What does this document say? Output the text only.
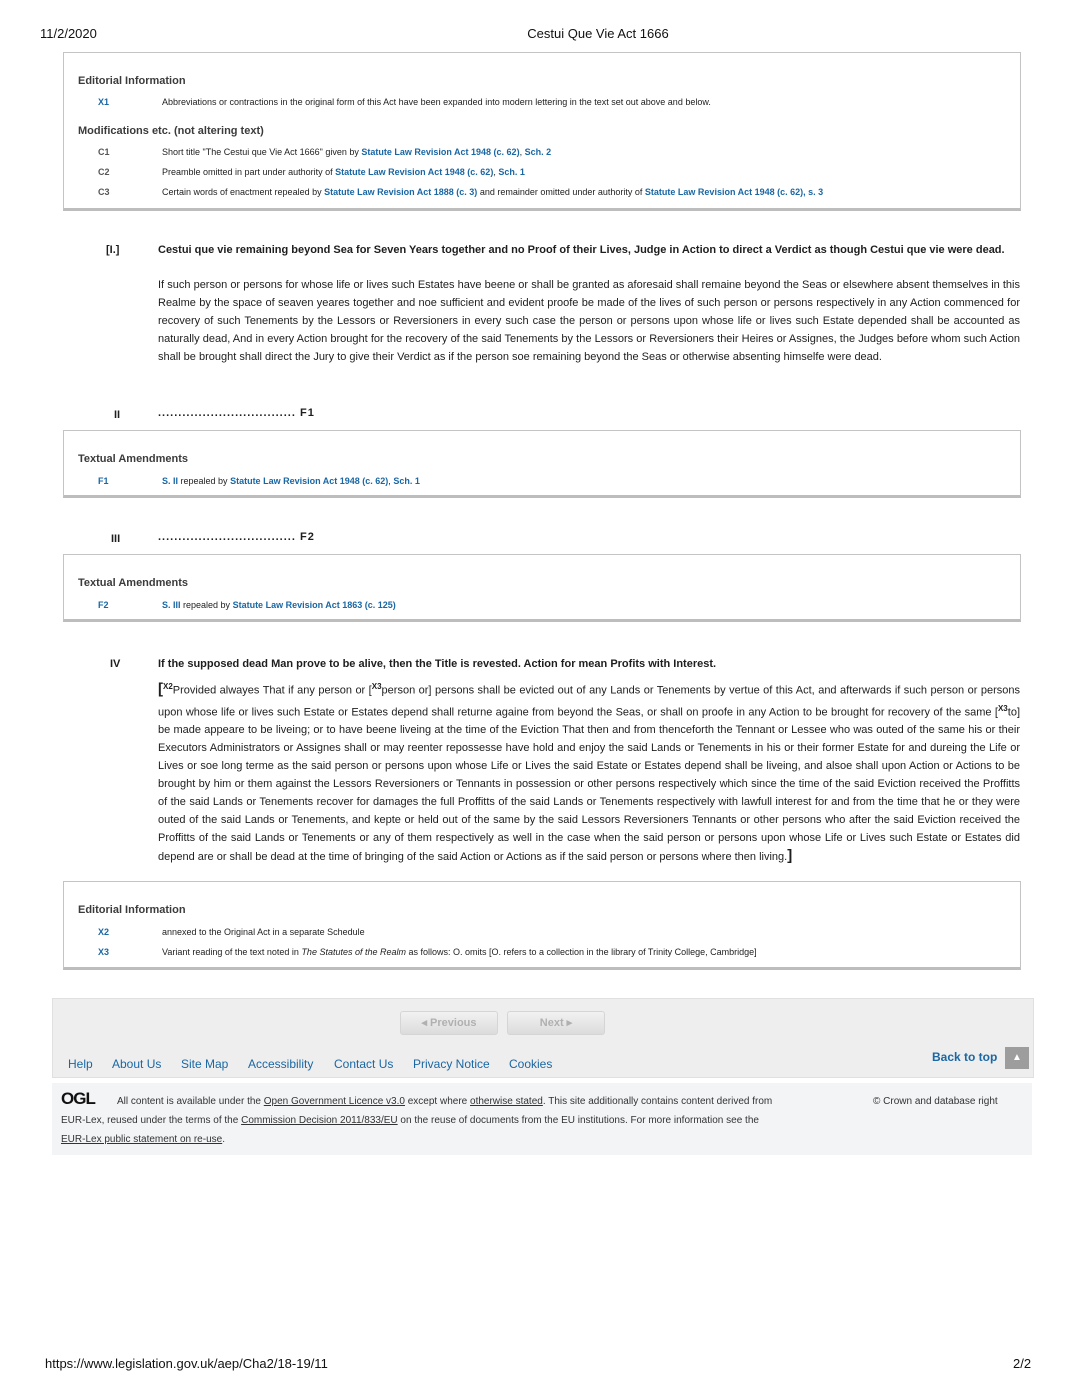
11/2/2020	Cestui Que Vie Act 1666
Editorial Information
X1	Abbreviations or contractions in the original form of this Act have been expanded into modern lettering in the text set out above and below.
Modifications etc. (not altering text)
C1	Short title "The Cestui que Vie Act 1666" given by Statute Law Revision Act 1948 (c. 62), Sch. 2
C2	Preamble omitted in part under authority of Statute Law Revision Act 1948 (c. 62), Sch. 1
C3	Certain words of enactment repealed by Statute Law Revision Act 1888 (c. 3) and remainder omitted under authority of Statute Law Revision Act 1948 (c. 62), s. 3
[I.]	Cestui que vie remaining beyond Sea for Seven Years together and no Proof of their Lives, Judge in Action to direct a Verdict as though Cestui que vie were dead.
If such person or persons for whose life or lives such Estates have beene or shall be granted as aforesaid shall remaine beyond the Seas or elsewhere absent themselves in this Realme by the space of seaven yeares together and noe sufficient and evident proofe be made of the lives of such person or persons respectively in any Action commenced for recovery of such Tenements by the Lessors or Reversioners in every such case the person or persons upon whose life or lives such Estate depended shall be accounted as naturally dead, And in every Action brought for the recovery of the said Tenements by the Lessors or Reversioners their Heires or Assignes, the Judges before whom such Action shall be brought shall direct the Jury to give their Verdict as if the person soe remaining beyond the Seas or otherwise absenting himselfe were dead.
II	.................................. F1
Textual Amendments
F1	S. II repealed by Statute Law Revision Act 1948 (c. 62), Sch. 1
III	.................................. F2
Textual Amendments
F2	S. III repealed by Statute Law Revision Act 1863 (c. 125)
IV	If the supposed dead Man prove to be alive, then the Title is revested. Action for mean Profits with Interest.
[$^{X2}$Provided alwayes That if any person or [$^{X3}$person or] persons shall be evicted out of any Lands or Tenements by vertue of this Act, and afterwards if such person or persons upon whose life or lives such Estate or Estates depend shall returne againe from beyond the Seas, or shall on proofe in any Action to be brought for recovery of the same [$^{X3}$to] be made appeare to be liveing; or to have beene liveing at the time of the Eviction That then and from thenceforth the Tennant or Lessee who was outed of the same his or their Executors Administrators or Assignes shall or may reenter repossesse have hold and enjoy the said Lands or Tenements in his or their former Estate for and dureing the Life or Lives or soe long terme as the said person or persons upon whose Life or Lives the said Estate or Estates depend shall be liveing, and alsoe shall upon Action or Actions to be brought by him or them against the Lessors Reversioners or Tennants in possession or other persons respectively which since the time of the said Eviction received the Proffitts of the said Lands or Tenements recover for damages the full Proffitts of the said Lands or Tenements respectively with lawfull interest for and from the time that he or they were outed of the said Lands or Tenements, and kepte or held out of the same by the said Lessors Reversioners Tennants or other persons who after the said Eviction received the Proffitts of the said Lands or Tenements or any of them respectively as well in the case when the said person or persons upon whose Life or Lives such Estate or Estates did depend are or shall be dead at the time of bringing of the said Action or Actions as if the said person or persons where then living.]
Editorial Information
X2	annexed to the Original Act in a separate Schedule
X3	Variant reading of the text noted in The Statutes of the Realm as follows: O. omits [O. refers to a collection in the library of Trinity College, Cambridge]
◂ Previous	Next ▸
Help About Us Site Map Accessibility Contact Us Privacy Notice Cookies	Back to top	▲
OGL All content is available under the Open Government Licence v3.0 except where otherwise stated. This site additionally contains content derived from
EUR-Lex, reused under the terms of the Commission Decision 2011/833/EU on the reuse of documents from the EU institutions. For more information see the
EUR-Lex public statement on re-use.
© Crown and database right
https://www.legislation.gov.uk/aep/Cha2/18-19/11	2/2
